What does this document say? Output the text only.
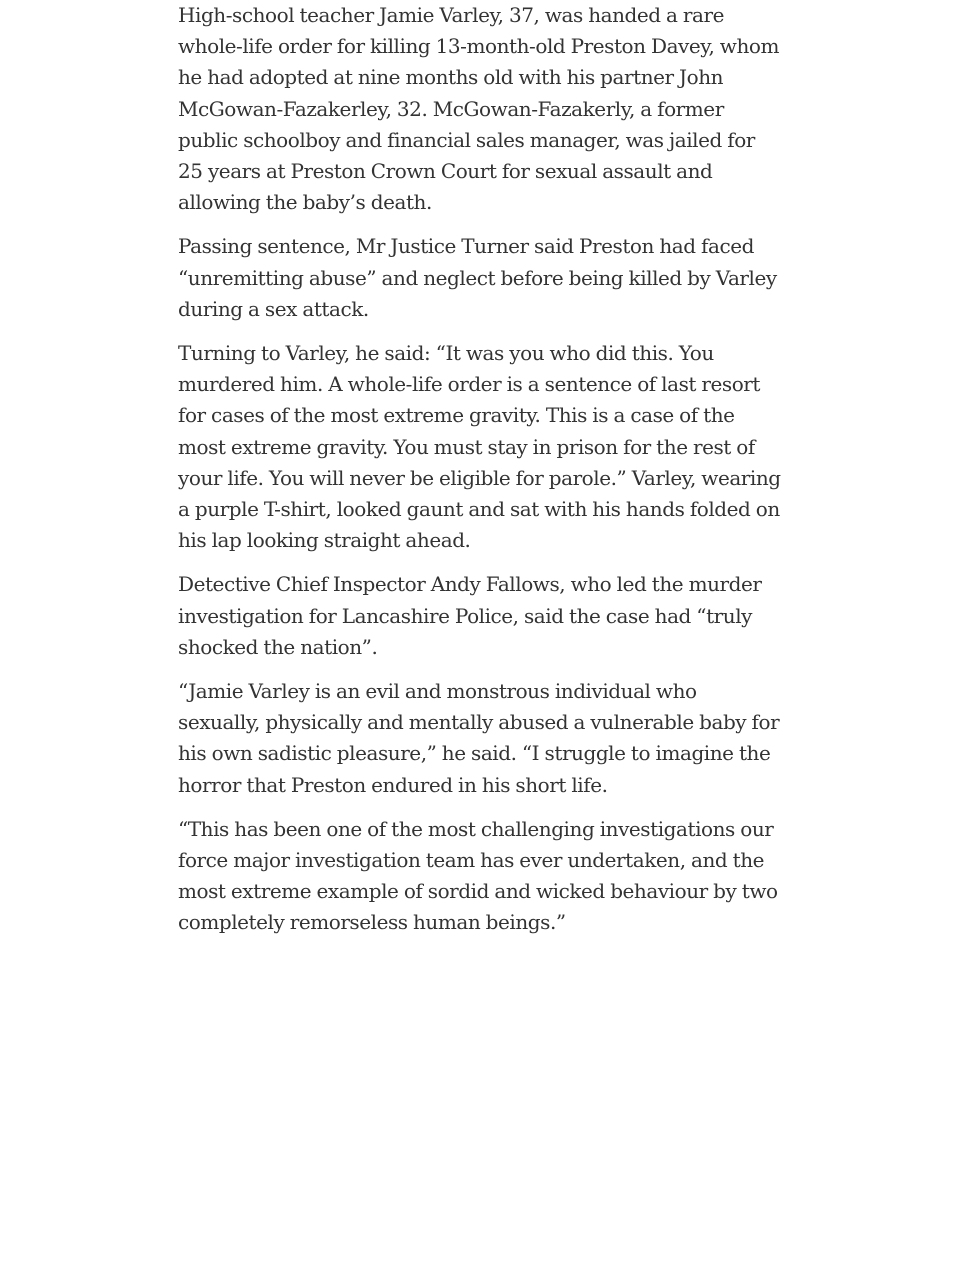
High-school teacher Jamie Varley, 37, was handed a rare whole-life order for killing 13-month-old Preston Davey, whom he had adopted at nine months old with his partner John McGowan-Fazakerley, 32. McGowan-Fazakerly, a former public schoolboy and financial sales manager, was jailed for 25 years at Preston Crown Court for sexual assault and allowing the baby’s death.

Passing sentence, Mr Justice Turner said Preston had faced “unremitting abuse” and neglect before being killed by Varley during a sex attack.

Turning to Varley, he said: “It was you who did this. You murdered him. A whole-life order is a sentence of last resort for cases of the most extreme gravity. This is a case of the most extreme gravity. You must stay in prison for the rest of your life. You will never be eligible for parole.” Varley, wearing a purple T-shirt, looked gaunt and sat with his hands folded on his lap looking straight ahead.

Detective Chief Inspector Andy Fallows, who led the murder investigation for Lancashire Police, said the case had “truly shocked the nation”.

“Jamie Varley is an evil and monstrous individual who sexually, physically and mentally abused a vulnerable baby for his own sadistic pleasure,” he said. “I struggle to imagine the horror that Preston endured in his short life.

“This has been one of the most challenging investigations our force major investigation team has ever undertaken, and the most extreme example of sordid and wicked behaviour by two completely remorseless human beings.”
